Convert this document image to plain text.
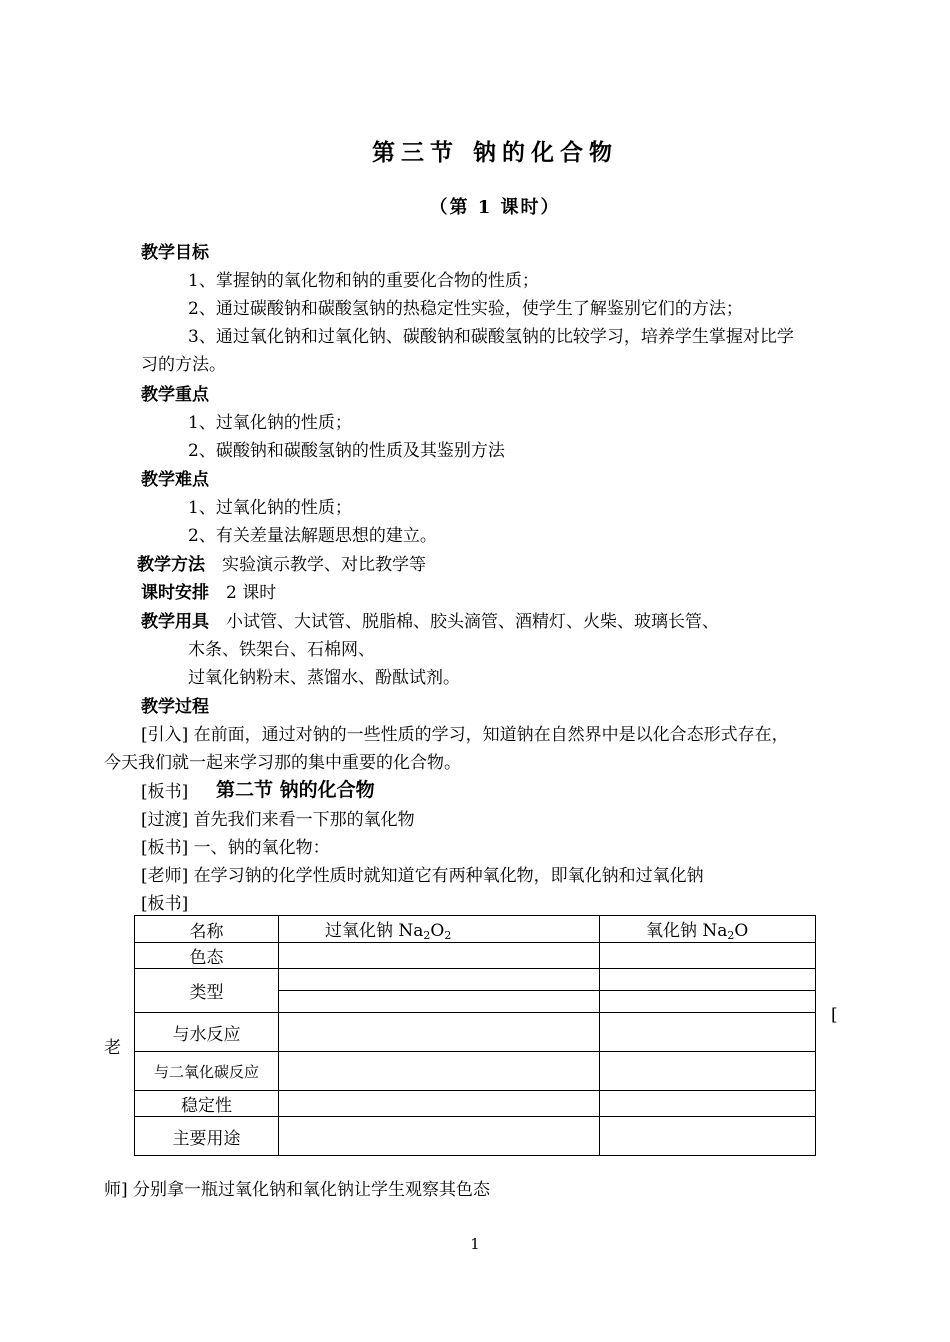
第三节 钠的化合物
（第 1 课时）
教学目标
1、掌握钠的氧化物和钠的重要化合物的性质；
2、通过碳酸钠和碳酸氢钠的热稳定性实验，使学生了解鉴别它们的方法；
3、通过氧化钠和过氧化钠、碳酸钠和碳酸氢钠的比较学习，培养学生掌握对比学
习的方法。
教学重点
1、过氧化钠的性质；
2、碳酸钠和碳酸氢钠的性质及其鉴别方法
教学难点
1、过氧化钠的性质；
2、有关差量法解题思想的建立。
教学方法 实验演示教学、对比教学等
课时安排 2 课时
教学用具 小试管、大试管、脱脂棉、胶头滴管、酒精灯、火柴、玻璃长管、
木条、铁架台、石棉网、
过氧化钠粉末、蒸馏水、酚酞试剂。
教学过程
[引入] 在前面，通过对钠的一些性质的学习，知道钠在自然界中是以化合态形式存在，
今天我们就一起来学习那的集中重要的化合物。
[板书] 第二节 钠的化合物
[过渡] 首先我们来看一下那的氧化物
[板书] 一、钠的氧化物：
[老师] 在学习钠的化学性质时就知道它有两种氧化物，即氧化钠和过氧化钠
[板书]
名称	过氧化钠 $Na_2O_2$	氧化钠 $Na_2O$
色态		
类型		

与水反应		
与二氧化碳反应		
稳定性		
主要用途		
老
[
师] 分别拿一瓶过氧化钠和氧化钠让学生观察其色态
1
